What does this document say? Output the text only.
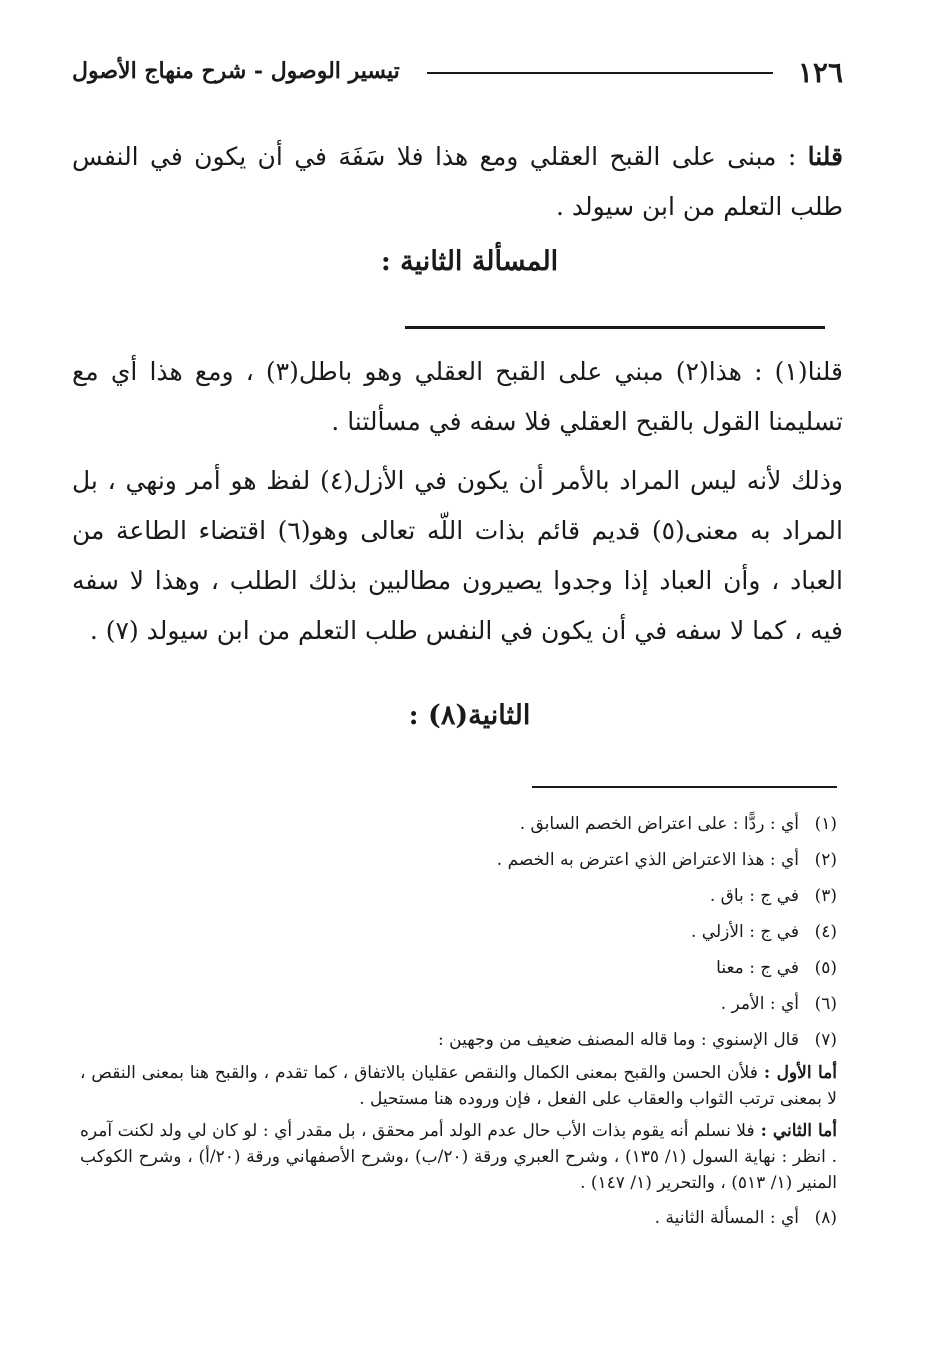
١٢٦
تيسير الوصول - شرح منهاج الأصول
قلنا : مبنى على القبح العقلي ومع هذا فلا سَفَهَ في أن يكون في النفس طلب التعلم من ابن سيولد .
المسألة الثانية :
قلنا(١) : هذا(٢) مبني على القبح العقلي وهو باطل(٣) ، ومع هذا أي مع تسليمنا القول بالقبح العقلي فلا سفه في مسألتنا .
وذلك لأنه ليس المراد بالأمر أن يكون في الأزل(٤) لفظ هو أمر ونهي ، بل المراد به معنى(٥) قديم قائم بذات اللّه تعالى وهو(٦) اقتضاء الطاعة من العباد ، وأن العباد إذا وجدوا يصيرون مطالبين بذلك الطلب ، وهذا لا سفه فيه ، كما لا سفه في أن يكون في النفس طلب التعلم من ابن سيولد (٧) .
الثانية(٨) :
(١)أي : ردًّا : على اعتراض الخصم السابق .
(٢)أي : هذا الاعتراض الذي اعترض به الخصم .
(٣)في ج : باق .
(٤)في ج : الأزلي .
(٥)في ج : معنا
(٦)أي : الأمر .
(٧)قال الإسنوي : وما قاله المصنف ضعيف من وجهين :
أما الأول :فلأن الحسن والقبح بمعنى الكمال والنقص عقليان بالاتفاق ، كما تقدم ، والقبح هنا بمعنى النقص ، لا بمعنى ترتب الثواب والعقاب على الفعل ، فإن وروده هنا مستحيل .
أما الثاني :فلا نسلم أنه يقوم بذات الأب حال عدم الولد أمر محقق ، بل مقدر أي : لو كان لي ولد لكنت آمره . انظر : نهاية السول (١/ ١٣٥) ، وشرح العبري ورقة (٢٠/ب) ،وشرح الأصفهاني ورقة (٢٠/أ) ، وشرح الكوكب المنير (١/ ٥١٣) ، والتحرير (١/ ١٤٧) .
(٨)أي : المسألة الثانية .
